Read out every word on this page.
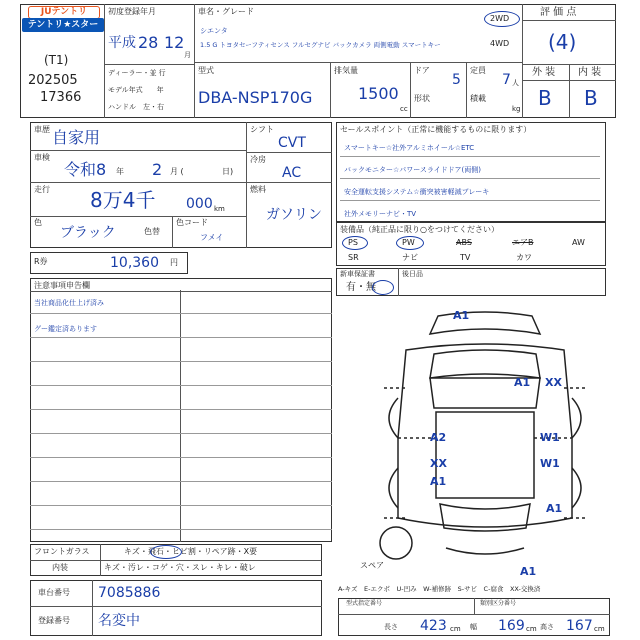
JUテントリ
テントリ★スター
(T1)
202505
17366
初度登録年月
平成 28 12
月
ディーラー・並 行
モデル年式　　年
ハンドル　左・右
車名・グレード
シエンタ
1.5 G トヨタセーフティセンス フルセグナビ バックカメラ 両側電動 スマートキー
2WD
4WD
型式
DBA-NSP170G
排気量
1500
cc
ドア
5
形状
定員
7 人
積載
kg
評 価 点
(4)
外 装 内 装
B B
車歴 自家用
車検
令和8 年 2 月 (	日)
走行 8万4千 000 km
色
ブラック	色替
色コード
フメイ
シフト
CVT
冷房
AC
燃料
ガソリン
セールスポイント（正常に機能するものに限ります）
スマートキー☆社外アルミホイール☆ETC
バックモニター☆パワースライドドア(両側)
安全運転支援システム☆衝突被害軽減ブレーキ
社外メモリーナビ・TV
装備品（純正品に限り○をつけてください）
PS	PW	ABS	エアB	AW
SR	ナビ	TV	カワ
R券	10,360 円
新車保証書
有・無
後日品
注意事項申告欄
当社商品化仕上げ済み
グー鑑定済あります
フロントガラス	キズ・飛石・ヒビ割・リペア跡・X要
内装	キズ・汚レ・コゲ・穴・スレ・キレ・破レ
車台番号 7085886
登録番号 名変中
A1
A1 XX
A2	W1
XX	W1
A1
A1
A1
スペア
A-キズ　E-エクボ　U-凹み　W-補修跡　S-サビ　C-腐食　XX-交換済
型式指定番号	類別区分番号
長さ 423 cm 幅 169 cm 高さ 167 cm
